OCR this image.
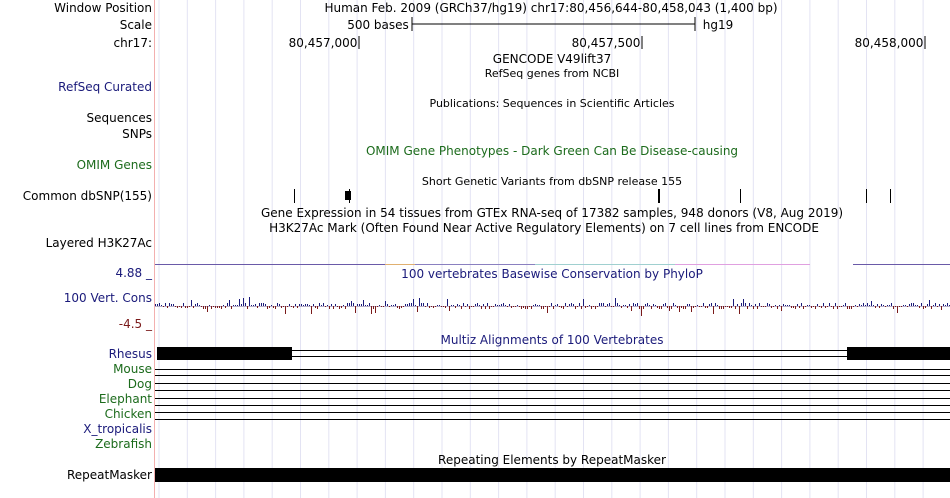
Window Position
Scale
chr17:
RefSeq Curated
Sequences
SNPs
OMIM Genes
Common dbSNP(155)
Layered H3K27Ac
4.88 _
100 Vert. Cons
-4.5 _
Rhesus
Mouse
Dog
Elephant
Chicken
X_tropicalis
Zebrafish
RepeatMasker
Human Feb. 2009 (GRCh37/hg19) chr17:80,456,644-80,458,043 (1,400 bp)
500 bases	hg19
80,457,000	80,457,500	80,458,000
GENCODE V49lift37
RefSeq genes from NCBI
Publications: Sequences in Scientific Articles
OMIM Gene Phenotypes - Dark Green Can Be Disease-causing
Short Genetic Variants from dbSNP release 155
Gene Expression in 54 tissues from GTEx RNA-seq of 17382 samples, 948 donors (V8, Aug 2019)
H3K27Ac Mark (Often Found Near Active Regulatory Elements) on 7 cell lines from ENCODE
100 vertebrates Basewise Conservation by PhyloP
Multiz Alignments of 100 Vertebrates
Repeating Elements by RepeatMasker
